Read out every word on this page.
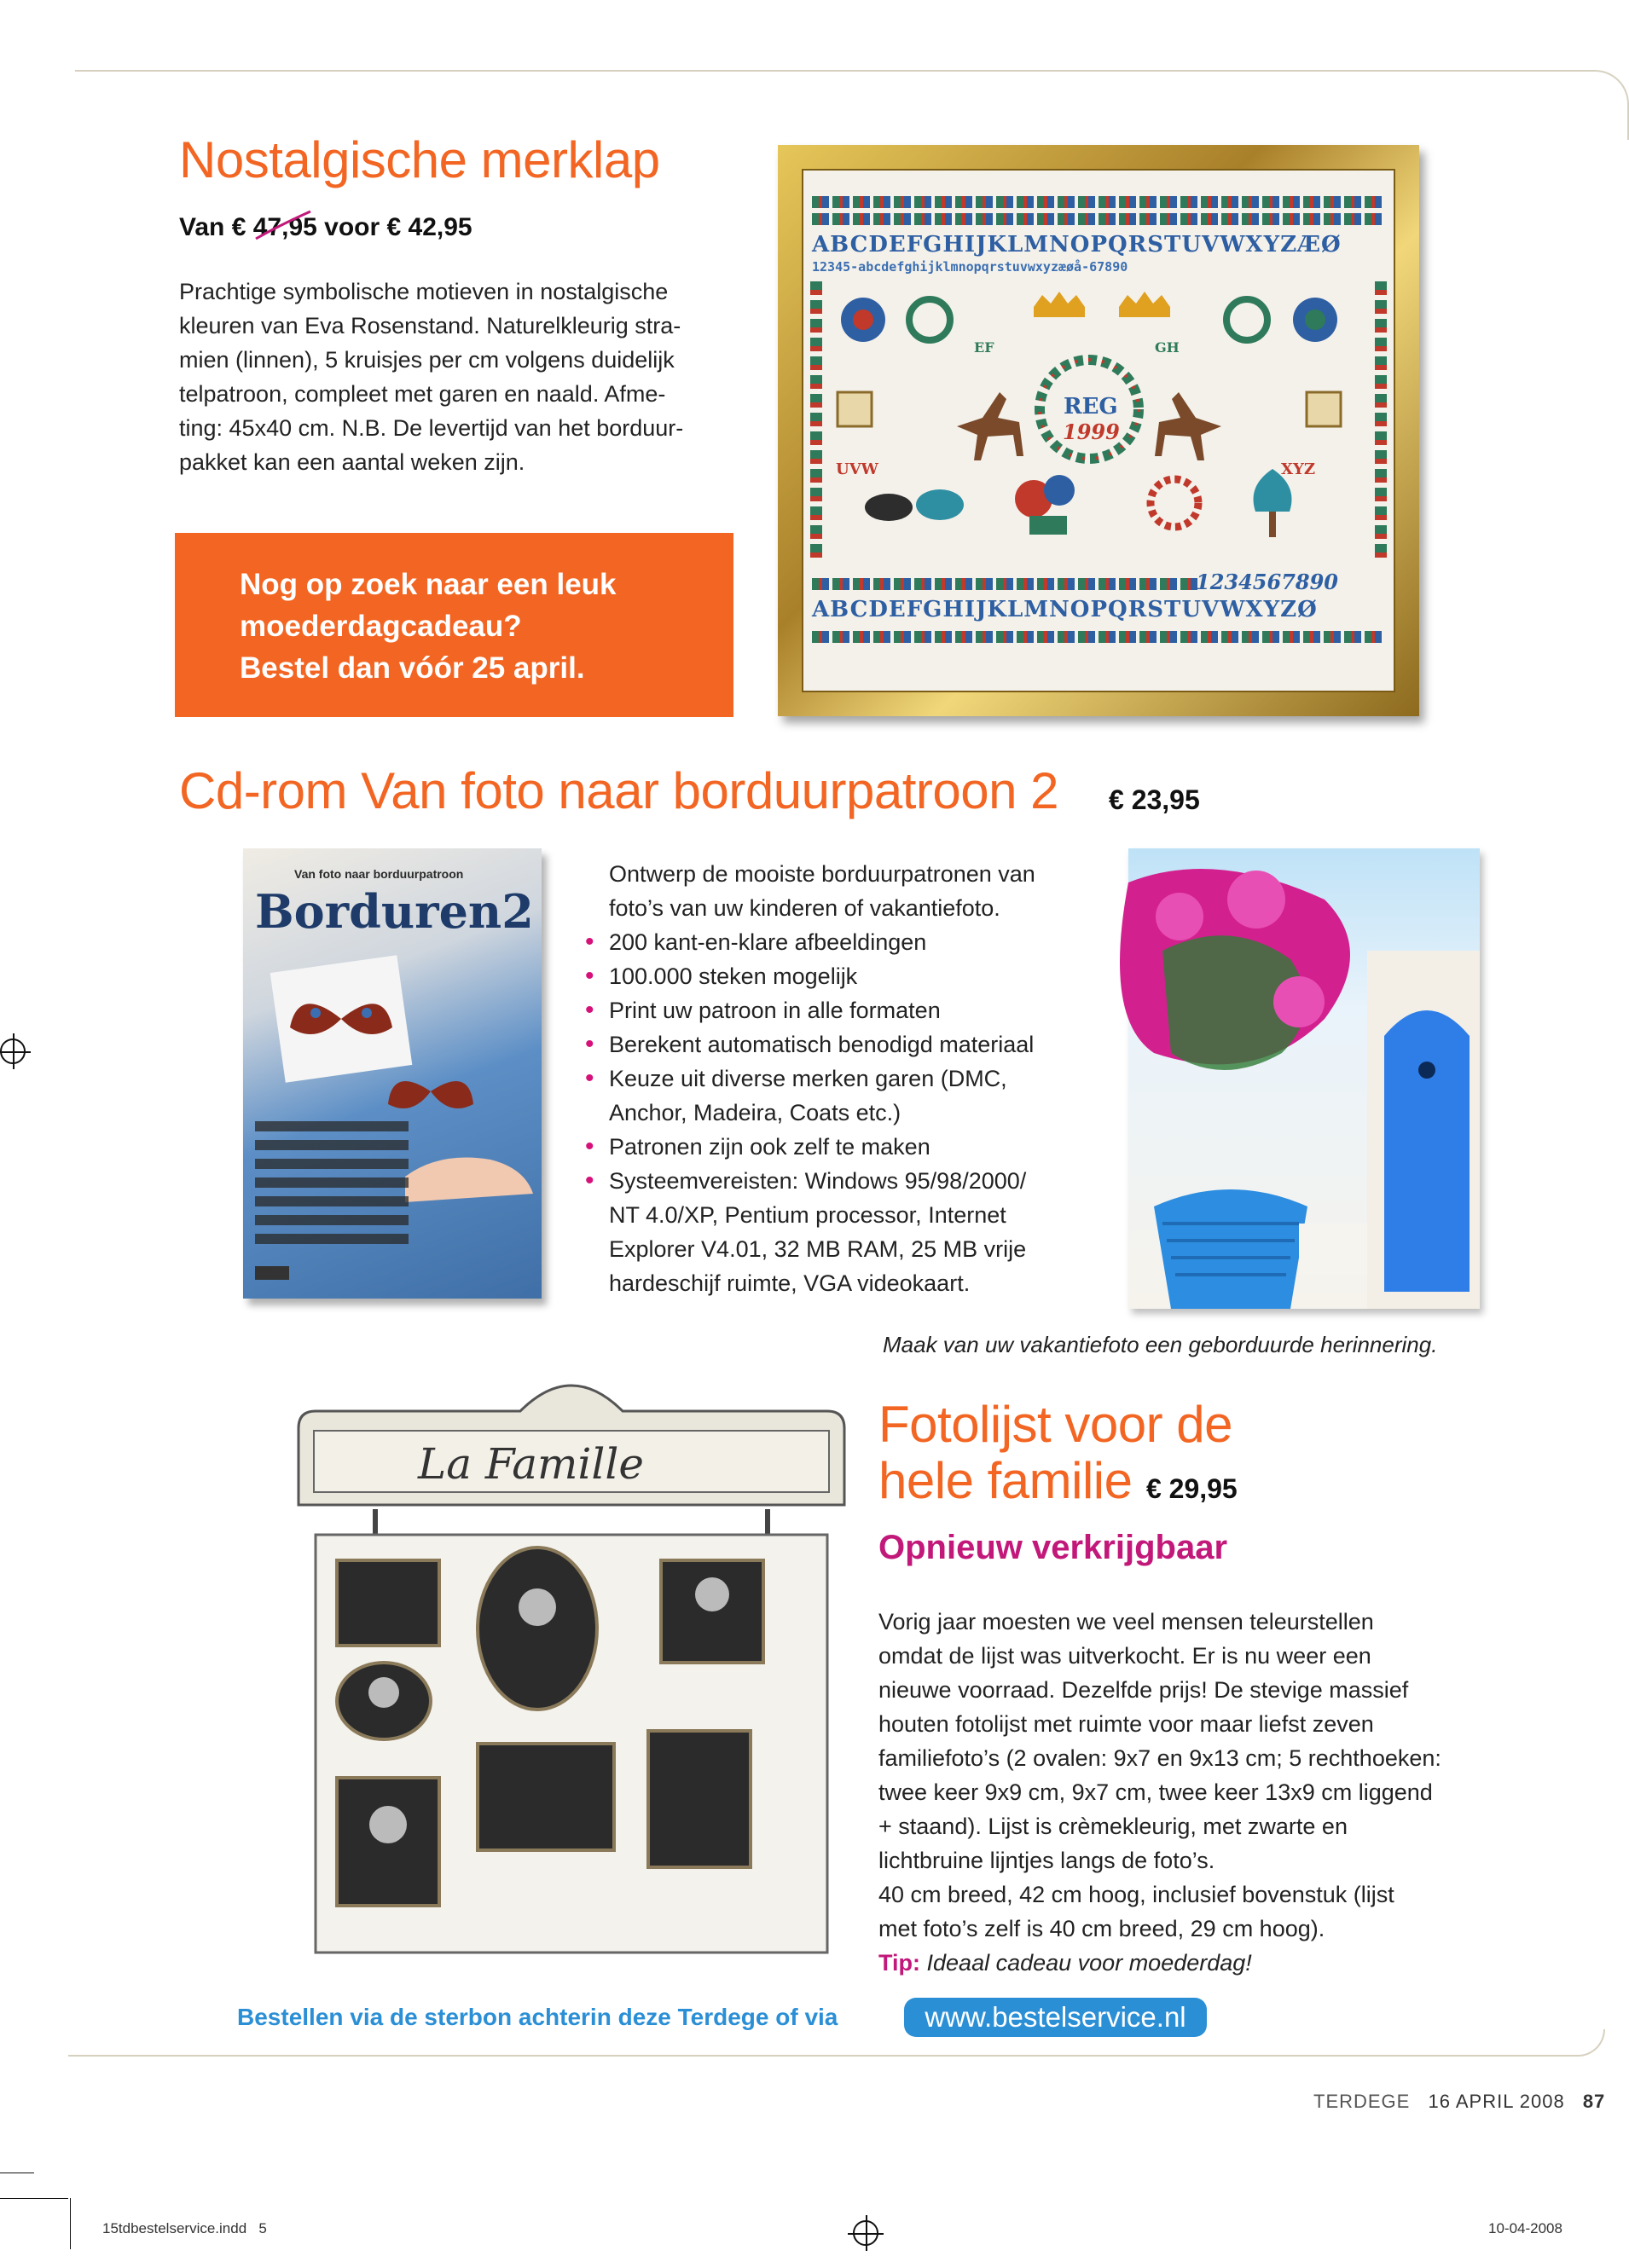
Nostalgische merklap
Van € 47,95 voor € 42,95
Prachtige symbolische motieven in nostalgische
kleuren van Eva Rosenstand. Naturelkleurig stra-
mien (linnen), 5 kruisjes per cm volgens duidelijk
telpatroon, compleet met garen en naald. Afme-
ting: 45x40 cm. N.B. De levertijd van het borduur-
pakket kan een aantal weken zijn.
ABCDEFGHIJKLMNOPQRSTUVWXYZÆØ
12345-abcdefghijklmnopqrstuvwxyzæøå-67890
EF	GH
REG
1999
UVW	XYZ
1234567890
ABCDEFGHIJKLMNOPQRSTUVWXYZØ
Nog op zoek naar een leuk
moederdagcadeau?
Bestel dan vóór 25 april.
Cd-rom Van foto naar borduurpatroon 2 € 23,95
Van foto naar borduurpatroon
Borduren2
Ontwerp de mooiste borduurpatronen van
foto’s van uw kinderen of vakantiefoto.
• 200 kant-en-klare afbeeldingen
• 100.000 steken mogelijk
• Print uw patroon in alle formaten
• Berekent automatisch benodigd materiaal
• Keuze uit diverse merken garen (DMC,
Anchor, Madeira, Coats etc.)
• Patronen zijn ook zelf te maken
• Systeemvereisten: Windows 95/98/2000/
NT 4.0/XP, Pentium processor, Internet
Explorer V4.01, 32 MB RAM, 25 MB vrije
hardeschijf ruimte, VGA videokaart.
Maak van uw vakantiefoto een geborduurde herinnering.
La Famille
Fotolijst voor de
hele familie € 29,95
Opnieuw verkrijgbaar
Vorig jaar moesten we veel mensen teleurstellen
omdat de lijst was uitverkocht. Er is nu weer een
nieuwe voorraad. Dezelfde prijs! De stevige massief
houten fotolijst met ruimte voor maar liefst zeven
familiefoto’s (2 ovalen: 9x7 en 9x13 cm; 5 rechthoeken:
twee keer 9x9 cm, 9x7 cm, twee keer 13x9 cm liggend
+ staand). Lijst is crèmekleurig, met zwarte en
lichtbruine lijntjes langs de foto’s.
40 cm breed, 42 cm hoog, inclusief bovenstuk (lijst
met foto’s zelf is 40 cm breed, 29 cm hoog).
Tip: Ideaal cadeau voor moederdag!
Bestellen via de sterbon achterin deze Terdege of via	www.bestelservice.nl
TERDEGE 16 APRIL 2008 87
15tdbestelservice.indd   5	10-04-2008
